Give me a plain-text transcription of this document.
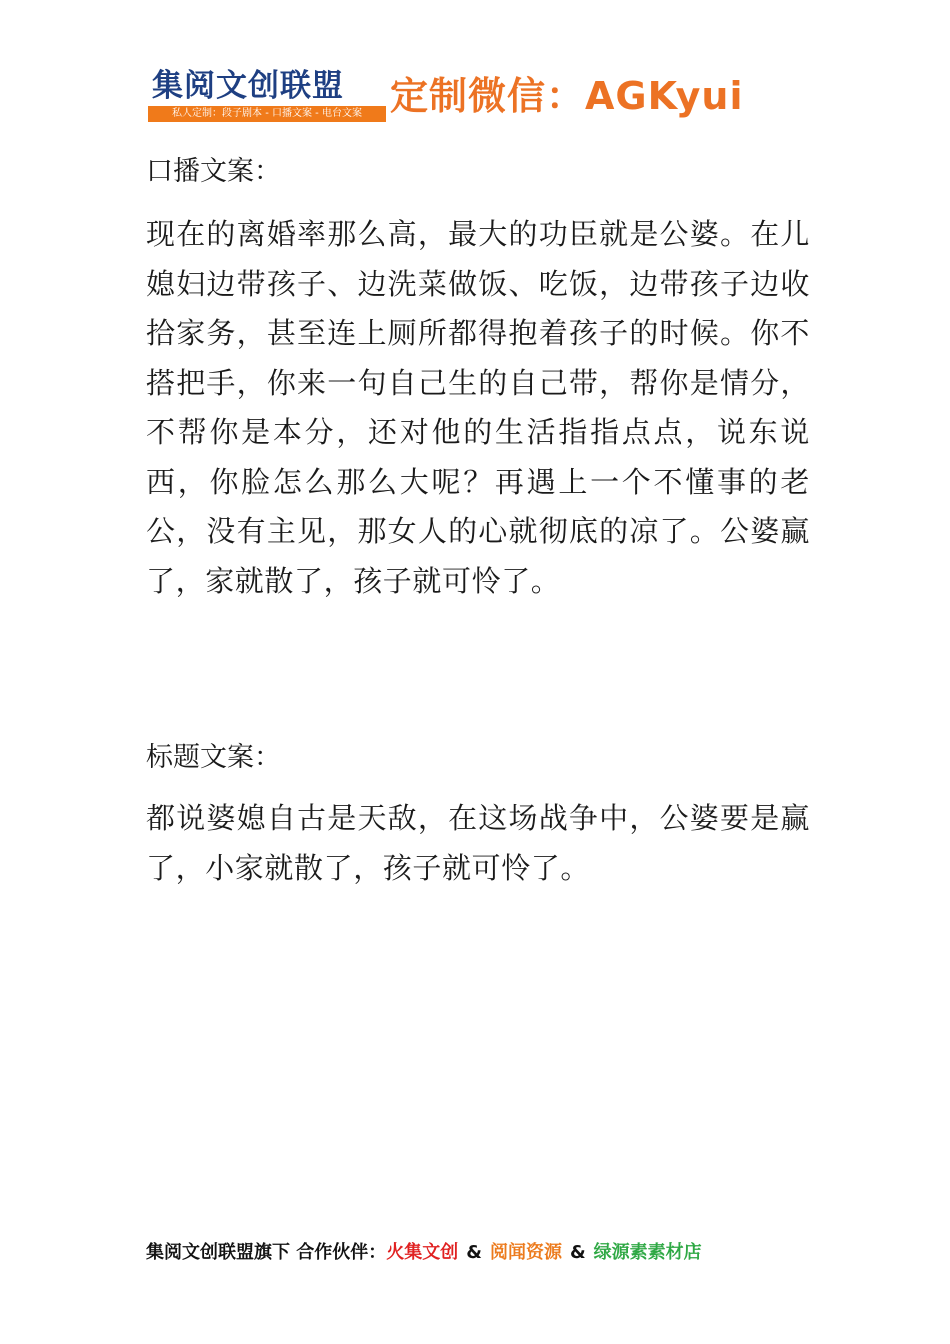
集阅文创联盟
私人定制：段子剧本 - 口播文案 - 电台文案 定制微信：AGKyui
口播文案：
现在的离婚率那么高，最大的功臣就是公婆。在儿媳妇边带孩子、边洗菜做饭、吃饭，边带孩子边收拾家务，甚至连上厕所都得抱着孩子的时候。你不搭把手，你来一句自己生的自己带，帮你是情分，不帮你是本分，还对他的生活指指点点，说东说西，你脸怎么那么大呢？再遇上一个不懂事的老公，没有主见，那女人的心就彻底的凉了。公婆赢了，家就散了，孩子就可怜了。
标题文案：
都说婆媳自古是天敌，在这场战争中，公婆要是赢了，小家就散了，孩子就可怜了。
集阅文创联盟旗下 合作伙伴：火集文创 & 阅闻资源 & 绿源素素材店
